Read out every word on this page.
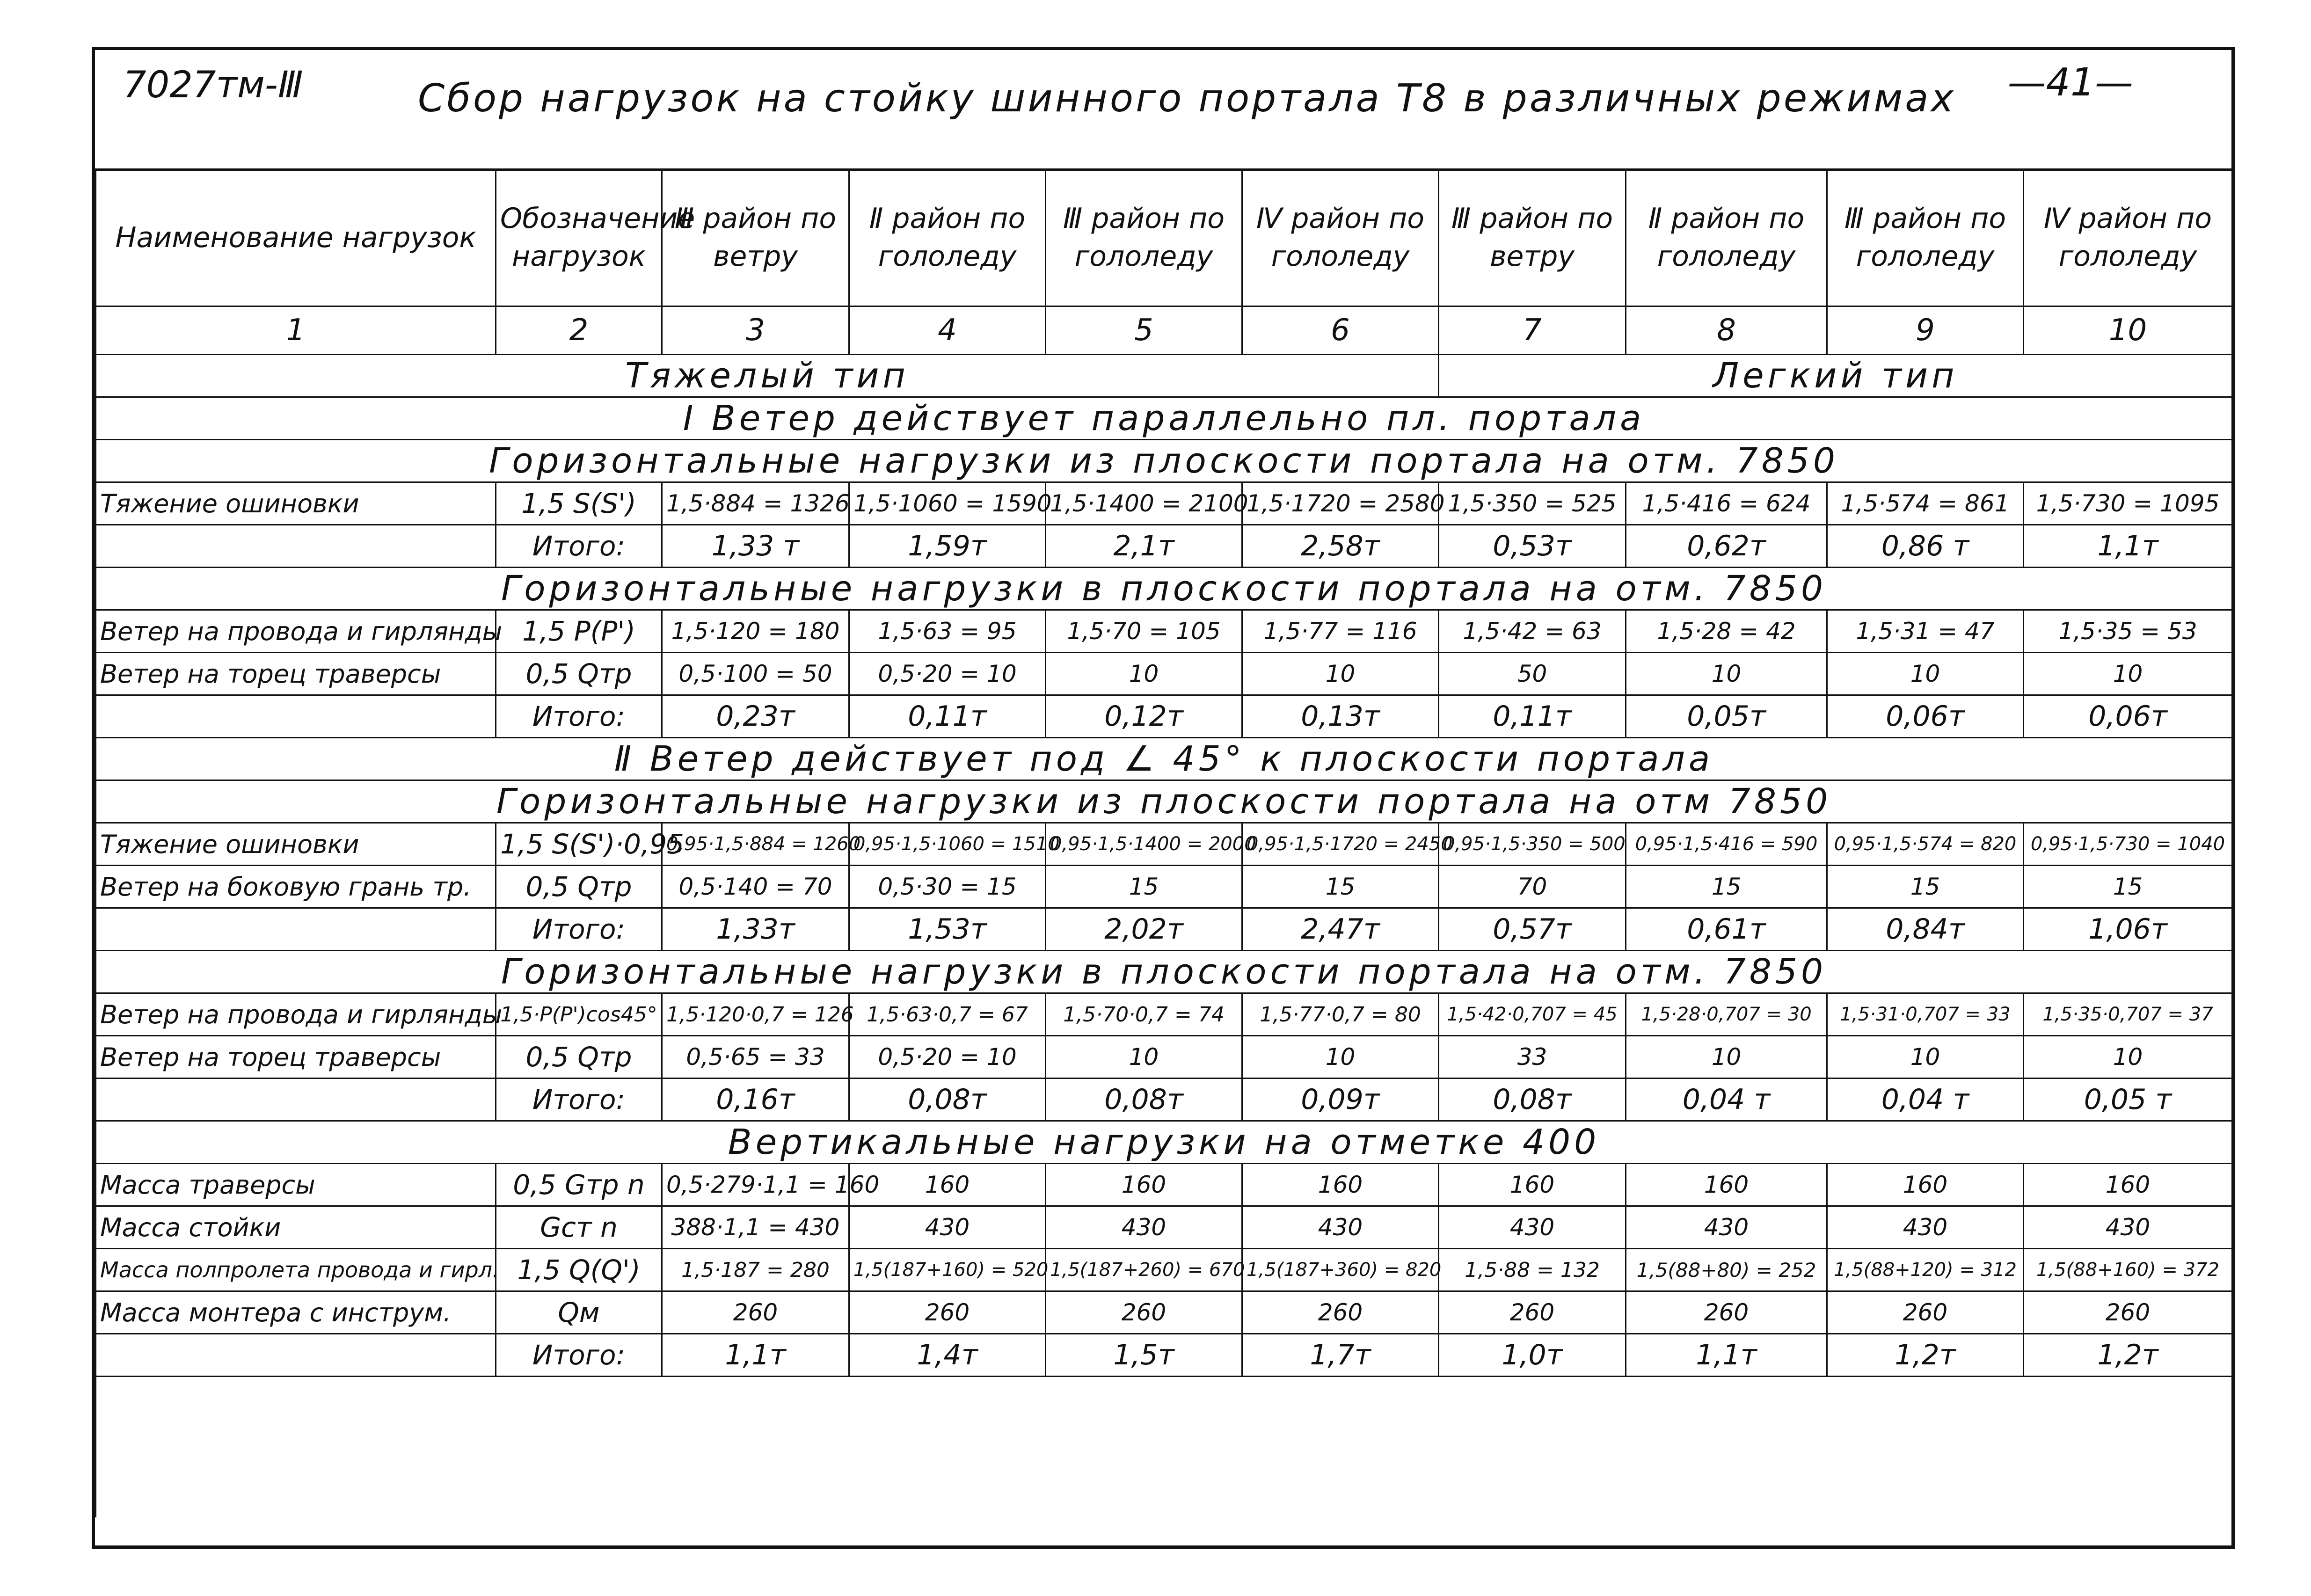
7027тм-Ⅲ	Сбор нагрузок на стойку шинного портала Т8 в различных режимах —41—
Наименование нагрузок	Обозначение нагрузок	Ⅲ район по ветру	Ⅱ район по гололеду	Ⅲ район по гололеду	Ⅳ район по гололеду	Ⅲ район по ветру	Ⅱ район по гололеду	Ⅲ район по гололеду	Ⅳ район по гололеду
1	2	3	4	5	6	7	8	9	10
Тяжелый тип						Легкий тип			
I Ветер действует параллельно пл. портала									
Горизонтальные нагрузки из плоскости портала на отм. 7850									
Тяжение ошиновки	1,5 S(S')	1,5·884 = 1326	1,5·1060 = 1590	1,5·1400 = 2100	1,5·1720 = 2580	1,5·350 = 525	1,5·416 = 624	1,5·574 = 861	1,5·730 = 1095
	Итого:	1,33 т	1,59т	2,1т	2,58т	0,53т	0,62т	0,86 т	1,1т
Горизонтальные нагрузки в плоскости портала на отм. 7850									
Ветер на провода и гирлянды	1,5 P(P')	1,5·120 = 180	1,5·63 = 95	1,5·70 = 105	1,5·77 = 116	1,5·42 = 63	1,5·28 = 42	1,5·31 = 47	1,5·35 = 53
Ветер на торец траверсы	0,5 Qтр	0,5·100 = 50	0,5·20 = 10	10	10	50	10	10	10
	Итого:	0,23т	0,11т	0,12т	0,13т	0,11т	0,05т	0,06т	0,06т
Ⅱ Ветер действует под ∠ 45° к плоскости портала									
Горизонтальные нагрузки из плоскости портала на отм 7850									
Тяжение ошиновки	1,5 S(S')·0,95	0,95·1,5·884 = 1260	0,95·1,5·1060 = 1510	0,95·1,5·1400 = 2000	0,95·1,5·1720 = 2450	0,95·1,5·350 = 500	0,95·1,5·416 = 590	0,95·1,5·574 = 820	0,95·1,5·730 = 1040
Ветер на боковую грань тр.	0,5 Qтр	0,5·140 = 70	0,5·30 = 15	15	15	70	15	15	15
	Итого:	1,33т	1,53т	2,02т	2,47т	0,57т	0,61т	0,84т	1,06т
Горизонтальные нагрузки в плоскости портала на отм. 7850									
Ветер на провода и гирлянды	1,5·P(P')cos45°	1,5·120·0,7 = 126	1,5·63·0,7 = 67	1,5·70·0,7 = 74	1,5·77·0,7 = 80	1,5·42·0,707 = 45	1,5·28·0,707 = 30	1,5·31·0,707 = 33	1,5·35·0,707 = 37
Ветер на торец траверсы	0,5 Qтр	0,5·65 = 33	0,5·20 = 10	10	10	33	10	10	10
	Итого:	0,16т	0,08т	0,08т	0,09т	0,08т	0,04 т	0,04 т	0,05 т
Вертикальные нагрузки на отметке 400									
Масса траверсы	0,5 Gтр n	0,5·279·1,1 = 160	160	160	160	160	160	160	160
Масса стойки	Gст n	388·1,1 = 430	430	430	430	430	430	430	430
Масса полпролета провода и гирл.	1,5 Q(Q')	1,5·187 = 280	1,5(187+160) = 520	1,5(187+260) = 670	1,5(187+360) = 820	1,5·88 = 132	1,5(88+80) = 252	1,5(88+120) = 312	1,5(88+160) = 372
Масса монтера с инструм.	Qм	260	260	260	260	260	260	260	260
	Итого:	1,1т	1,4т	1,5т	1,7т	1,0т	1,1т	1,2т	1,2т
